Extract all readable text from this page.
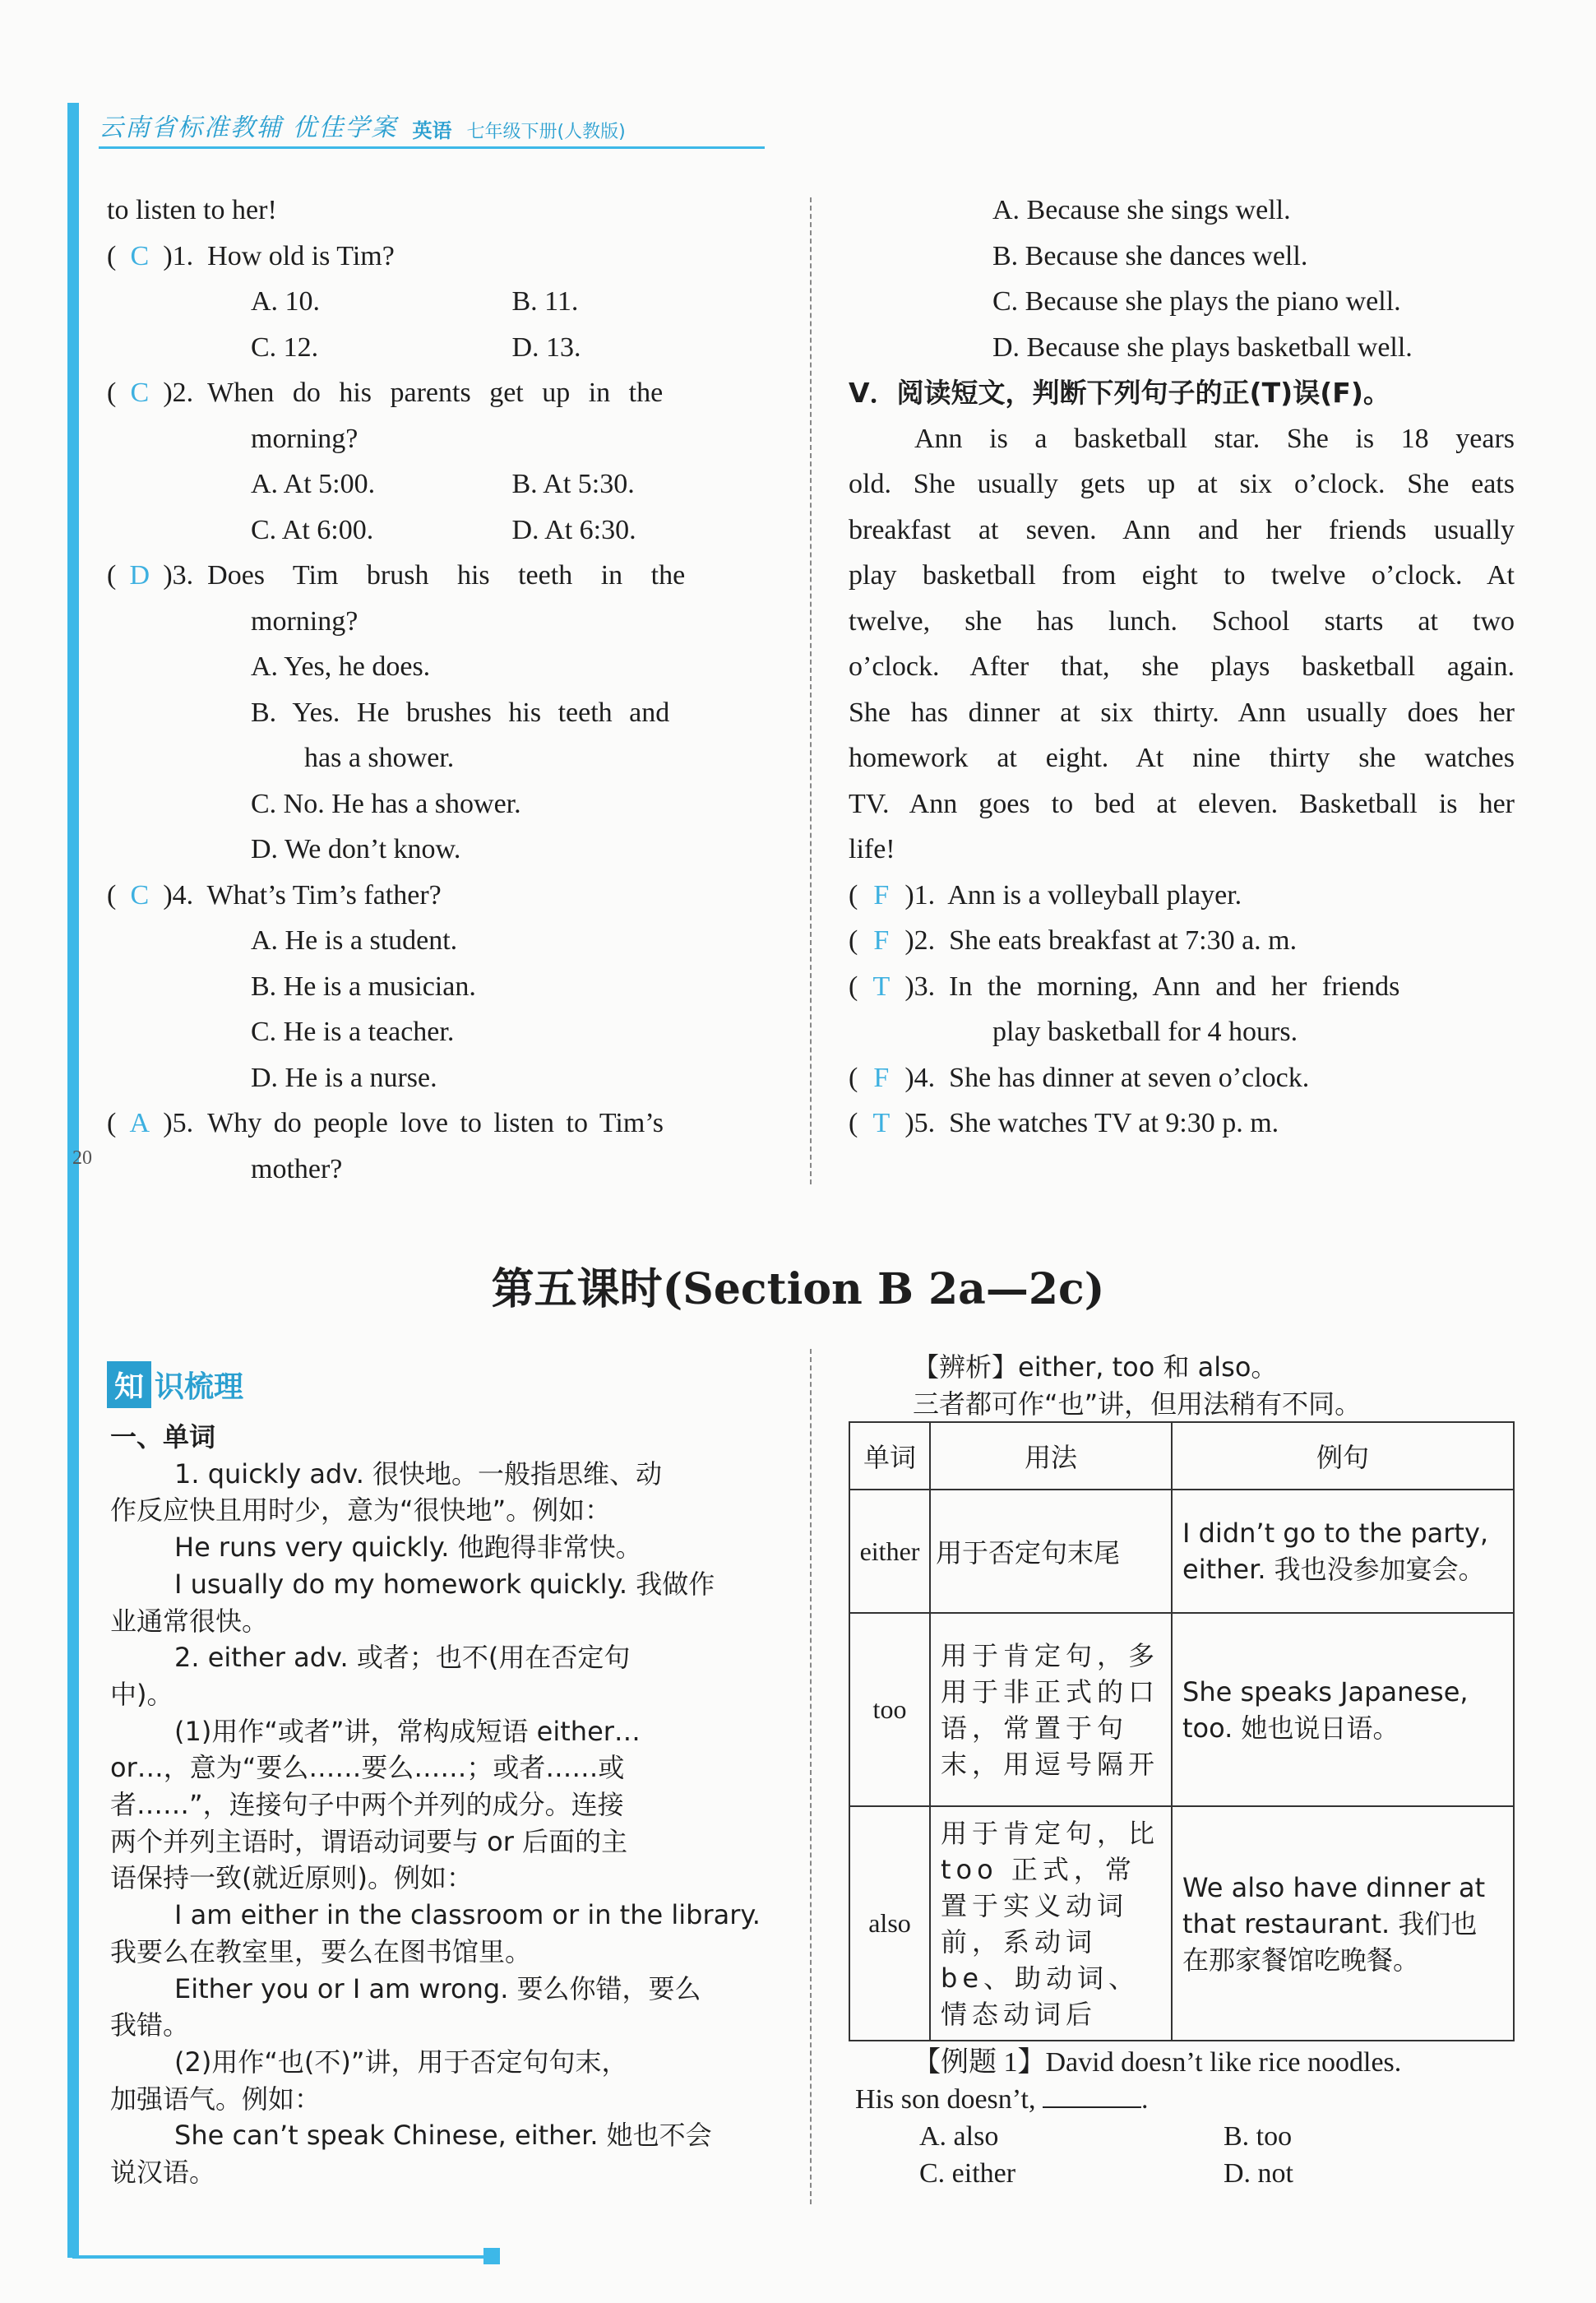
云南省标准教辅 优佳学案 英语 七年级下册(人教版)
20
to listen to her!
( C )1. How old is Tim?
A. 10.	B. 11.
C. 12.	D. 13.
( C )2. When do his parents get up in the
morning?
A. At 5:00.	B. At 5:30.
C. At 6:00.	D. At 6:30.
( D )3. Does Tim brush his teeth in the
morning?
A. Yes, he does.
B. Yes. He brushes his teeth and
has a shower.
C. No. He has a shower.
D. We don’t know.
( C )4. What’s Tim’s father?
A. He is a student.
B. He is a musician.
C. He is a teacher.
D. He is a nurse.
( A )5. Why do people love to listen to Tim’s
mother?
A. Because she sings well.
B. Because she dances well.
C. Because she plays the piano well.
D. Because she plays basketball well.
V．阅读短文，判断下列句子的正(T)误(F)。
Ann is a basketball star. She is 18 years
old. She usually gets up at six o’clock. She eats
breakfast at seven. Ann and her friends usually
play basketball from eight to twelve o’clock. At
twelve, she has lunch. School starts at two
o’clock. After that, she plays basketball again.
She has dinner at six thirty. Ann usually does her
homework at eight. At nine thirty she watches
TV. Ann goes to bed at eleven. Basketball is her
life!
( F )1. Ann is a volleyball player.
( F )2. She eats breakfast at 7:30 a. m.
( T )3. In the morning, Ann and her friends
play basketball for 4 hours.
( F )4. She has dinner at seven o’clock.
( T )5. She watches TV at 9:30 p. m.
第五课时(Section B 2a—2c)
知 识梳理

一、单词

1. quickly adv. 很快地。一般指思维、动

作反应快且用时少，意为“很快地”。例如：

He runs very quickly. 他跑得非常快。

I usually do my homework quickly. 我做作

业通常很快。

2. either adv. 或者；也不(用在否定句

中)。

(1)用作“或者”讲，常构成短语 either…

or…，意为“要么……要么……；或者……或

者……”，连接句子中两个并列的成分。连接

两个并列主语时，谓语动词要与 or 后面的主

语保持一致(就近原则)。例如：

I am either in the classroom or in the library.

我要么在教室里，要么在图书馆里。

Either you or I am wrong. 要么你错，要么

我错。

(2)用作“也(不)”讲，用于否定句句末，

加强语气。例如：

She can’t speak Chinese, either. 她也不会

说汉语。

【辨析】either, too 和 also。

三者都可作“也”讲，但用法稍有不同。

单词	用法	例句
either	用于否定句末尾	I didn’t go to the party, either. 我也没参加宴会。
too	用于肯定句，多用于非正式的口语，常置于句末，用逗号隔开	She speaks Japanese, too. 她也说日语。
also	用于肯定句，比 too 正式，常置于实义动词前，系动词 be、助动词、情态动词后	We also have dinner at that restaurant. 我们也在那家餐馆吃晚餐。

【例题 1】David doesn’t like rice noodles.

His son doesn’t,	.

A. also	B. too

C. either	D. not
